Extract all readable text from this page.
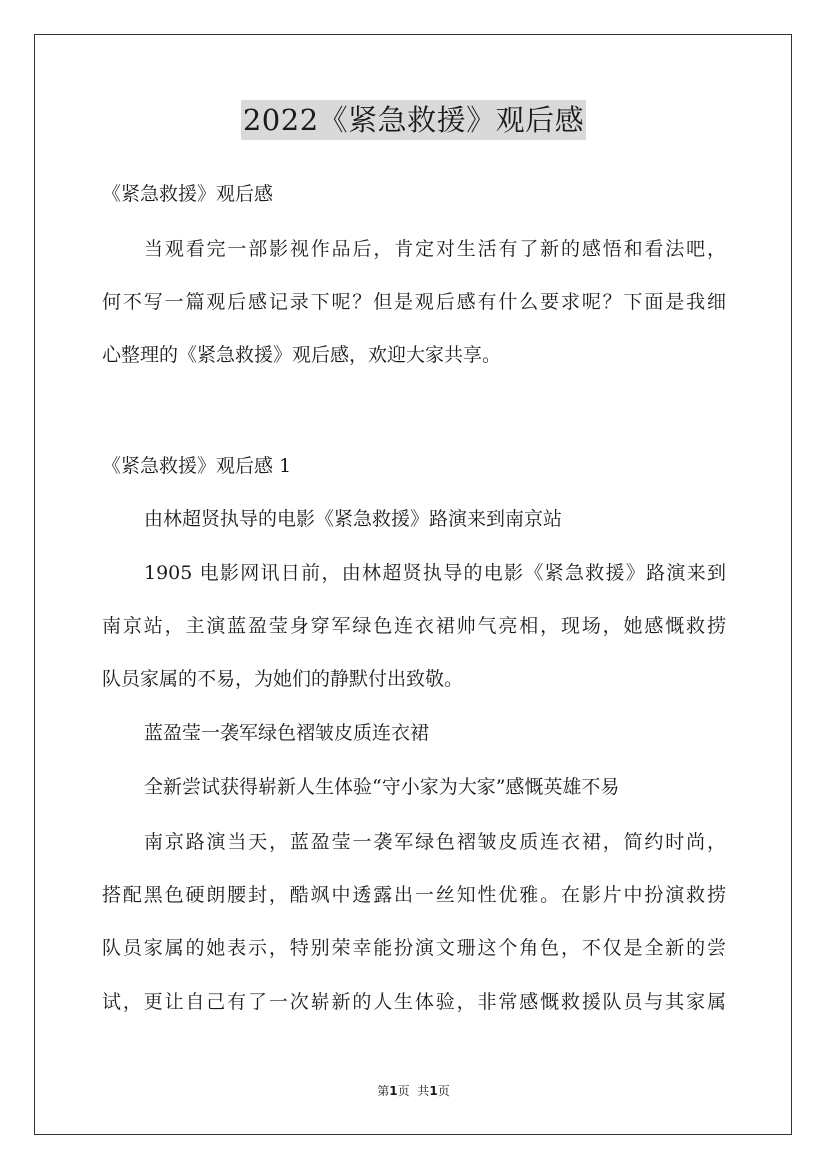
2022《紧急救援》观后感
《紧急救援》观后感
当观看完一部影视作品后，肯定对生活有了新的感悟和看法吧，
何不写一篇观后感记录下呢？但是观后感有什么要求呢？下面是我细
心整理的《紧急救援》观后感，欢迎大家共享。
《紧急救援》观后感 1
由林超贤执导的电影《紧急救援》路演来到南京站
1905 电影网讯日前，由林超贤执导的电影《紧急救援》路演来到
南京站，主演蓝盈莹身穿军绿色连衣裙帅气亮相，现场，她感慨救捞
队员家属的不易，为她们的静默付出致敬。
蓝盈莹一袭军绿色褶皱皮质连衣裙
全新尝试获得崭新人生体验“守小家为大家”感慨英雄不易
南京路演当天，蓝盈莹一袭军绿色褶皱皮质连衣裙，简约时尚，
搭配黑色硬朗腰封，酷飒中透露出一丝知性优雅。在影片中扮演救捞
队员家属的她表示，特别荣幸能扮演文珊这个角色，不仅是全新的尝
试，更让自己有了一次崭新的人生体验，非常感慨救援队员与其家属
第1页 共1页
